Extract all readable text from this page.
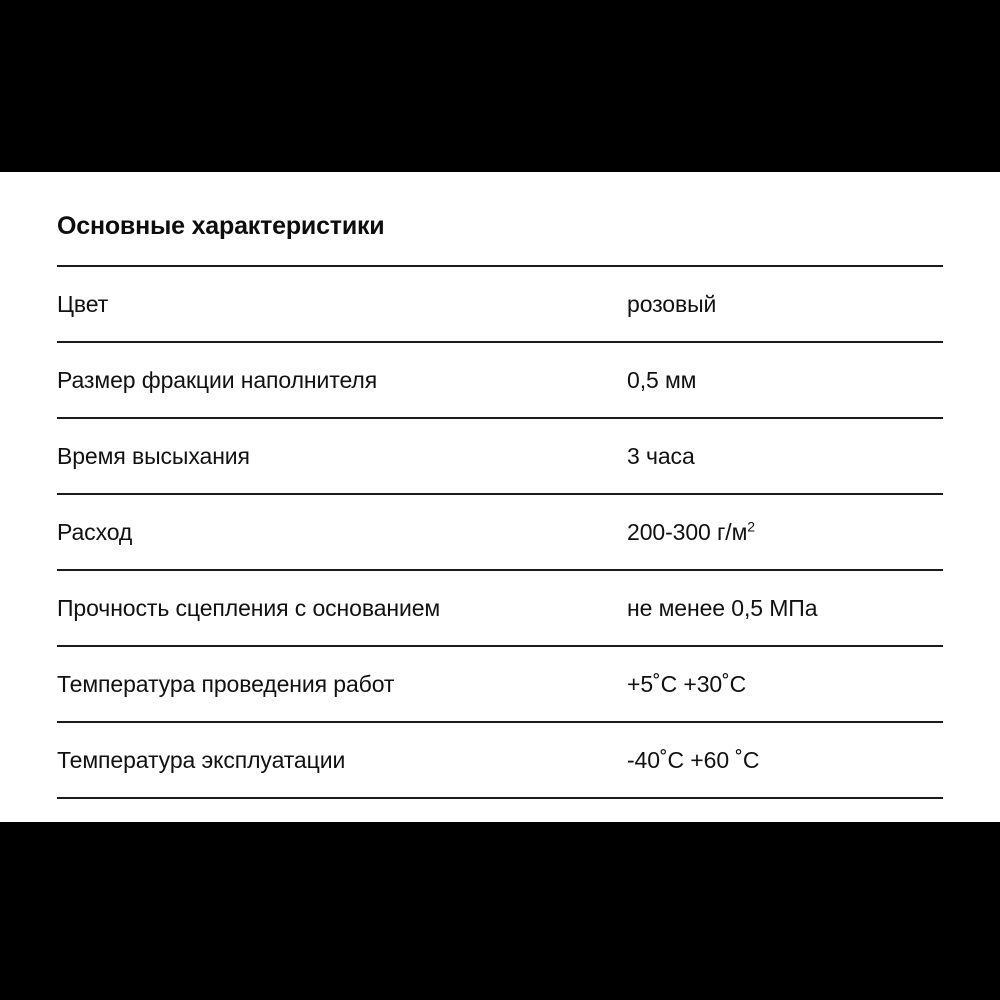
Основные характеристики
Цвет	розовый
Размер фракции наполнителя	0,5 мм
Время высыхания	3 часа
Расход	200-300 $г/м^2$
Прочность сцепления с основанием	не менее 0,5 МПа
Температура проведения работ	+5˚C +30˚C
Температура эксплуатации	-40˚C +60 ˚C
